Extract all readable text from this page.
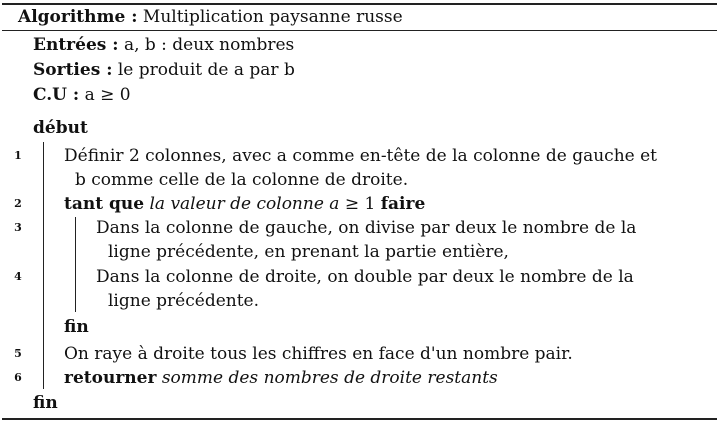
Algorithme : Multiplication paysanne russe
Entrées : a, b : deux nombres
Sorties : le produit de a par b
C.U : a ≥ 0
début
1
2
3
4
5
6
Définir 2 colonnes, avec a comme en-tête de la colonne de gauche et
b comme celle de la colonne de droite.
tant que la valeur de colonne a ≥ 1 faire
Dans la colonne de gauche, on divise par deux le nombre de la
ligne précédente, en prenant la partie entière,
Dans la colonne de droite, on double par deux le nombre de la
ligne précédente.
fin
On raye à droite tous les chiffres en face d'un nombre pair.
retourner somme des nombres de droite restants
fin
